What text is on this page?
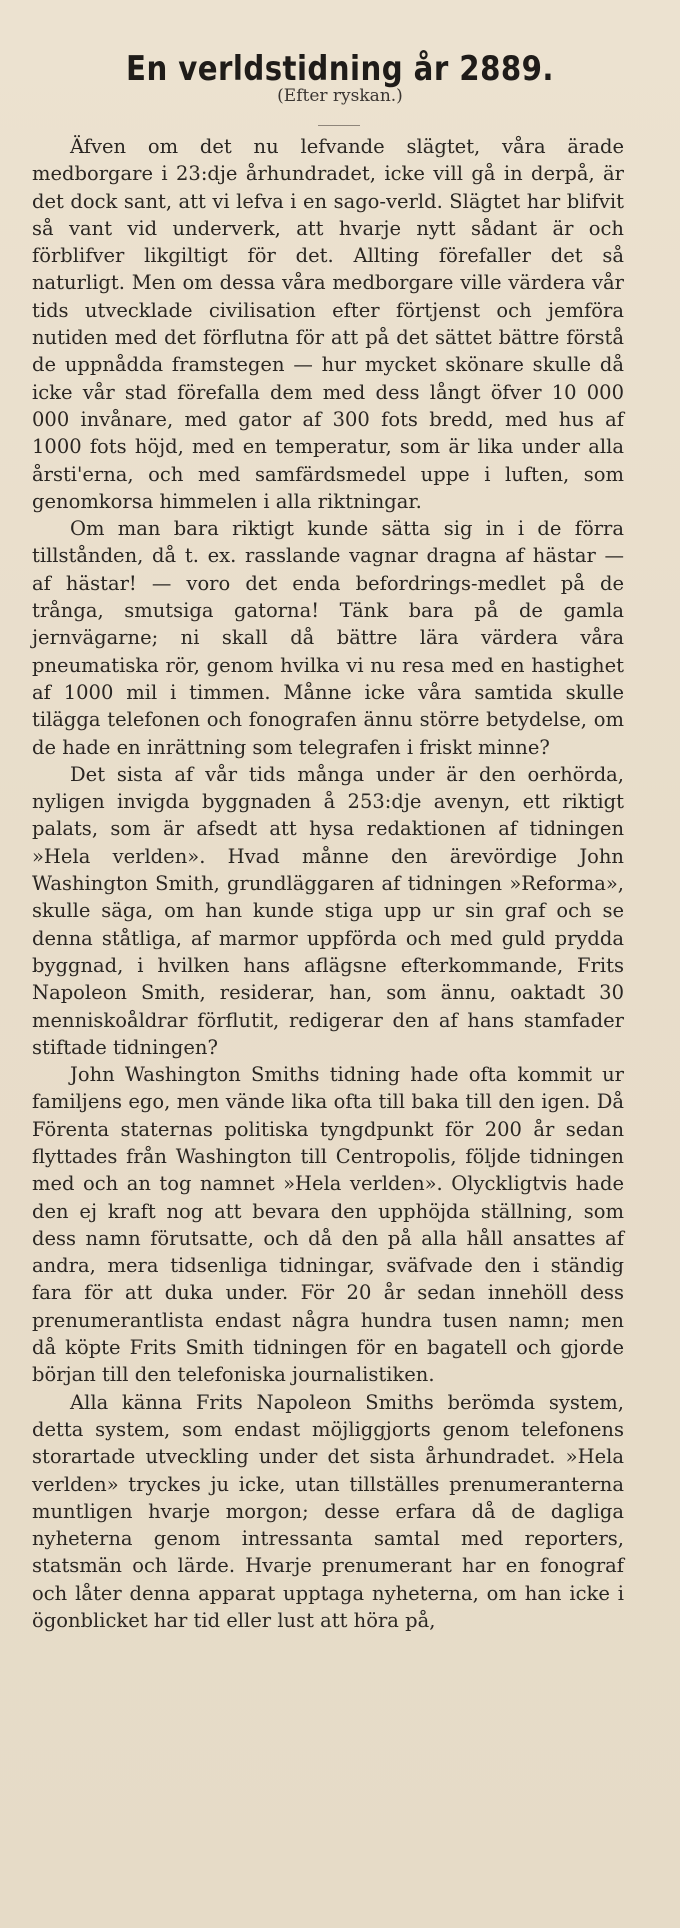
En verldstidning år 2889.
(Efter ryskan.)

Äfven om det nu lefvande slägtet, våra ärade medborgare i 23:dje århundradet, icke vill gå in derpå, är det dock sant, att vi lefva i en sago-verld. Slägtet har blifvit så vant vid underverk, att hvarje nytt sådant är och förblifver likgiltigt för det. Allting förefaller det så naturligt. Men om dessa våra medborgare ville värdera vår tids utvecklade civilisation efter förtjenst och jemföra nutiden med det förflutna för att på det sättet bättre förstå de uppnådda framstegen — hur mycket skönare skulle då icke vår stad förefalla dem med dess långt öfver 10 000 000 invånare, med gator af 300 fots bredd, med hus af 1000 fots höjd, med en temperatur, som är lika under alla årsti'erna, och med samfärdsmedel uppe i luften, som genomkorsa himmelen i alla riktningar.

Om man bara riktigt kunde sätta sig in i de förra tillstånden, då t. ex. rasslande vagnar dragna af hästar — af hästar! — voro det enda befordrings-medlet på de trånga, smutsiga gatorna! Tänk bara på de gamla jernvägarne; ni skall då bättre lära värdera våra pneumatiska rör, genom hvilka vi nu resa med en hastighet af 1000 mil i timmen. Månne icke våra samtida skulle tilägga telefonen och fonografen ännu större betydelse, om de hade en inrättning som telegrafen i friskt minne?

Det sista af vår tids många under är den oerhörda, nyligen invigda byggnaden å 253:dje avenyn, ett riktigt palats, som är afsedt att hysa redaktionen af tidningen »Hela verlden». Hvad månne den ärevördige John Washington Smith, grundläggaren af tidningen »Reforma», skulle säga, om han kunde stiga upp ur sin graf och se denna ståtliga, af marmor uppförda och med guld prydda byggnad, i hvilken hans aflägsne efterkommande, Frits Napoleon Smith, residerar, han, som ännu, oaktadt 30 menniskoåldrar förflutit, redigerar den af hans stamfader stiftade tidningen?

John Washington Smiths tidning hade ofta kommit ur familjens ego, men vände lika ofta till baka till den igen. Då Förenta staternas politiska tyngdpunkt för 200 år sedan flyttades från Washington till Centropolis, följde tidningen med och an tog namnet »Hela verlden». Olyckligtvis hade den ej kraft nog att bevara den upphöjda ställning, som dess namn förutsatte, och då den på alla håll ansattes af andra, mera tidsenliga tidningar, sväfvade den i ständig fara för att duka under. För 20 år sedan innehöll dess prenumerantlista endast några hundra tusen namn; men då köpte Frits Smith tidningen för en bagatell och gjorde början till den telefoniska journalistiken.

Alla känna Frits Napoleon Smiths berömda system, detta system, som endast möjliggjorts genom telefonens storartade utveckling under det sista århundradet. »Hela verlden» tryckes ju icke, utan tillställes prenumeranterna muntligen hvarje morgon; desse erfara då de dagliga nyheterna genom intressanta samtal med reporters, statsmän och lärde. Hvarje prenumerant har en fonograf och låter denna apparat upptaga nyheterna, om han icke i ögonblicket har tid eller lust att höra på,
